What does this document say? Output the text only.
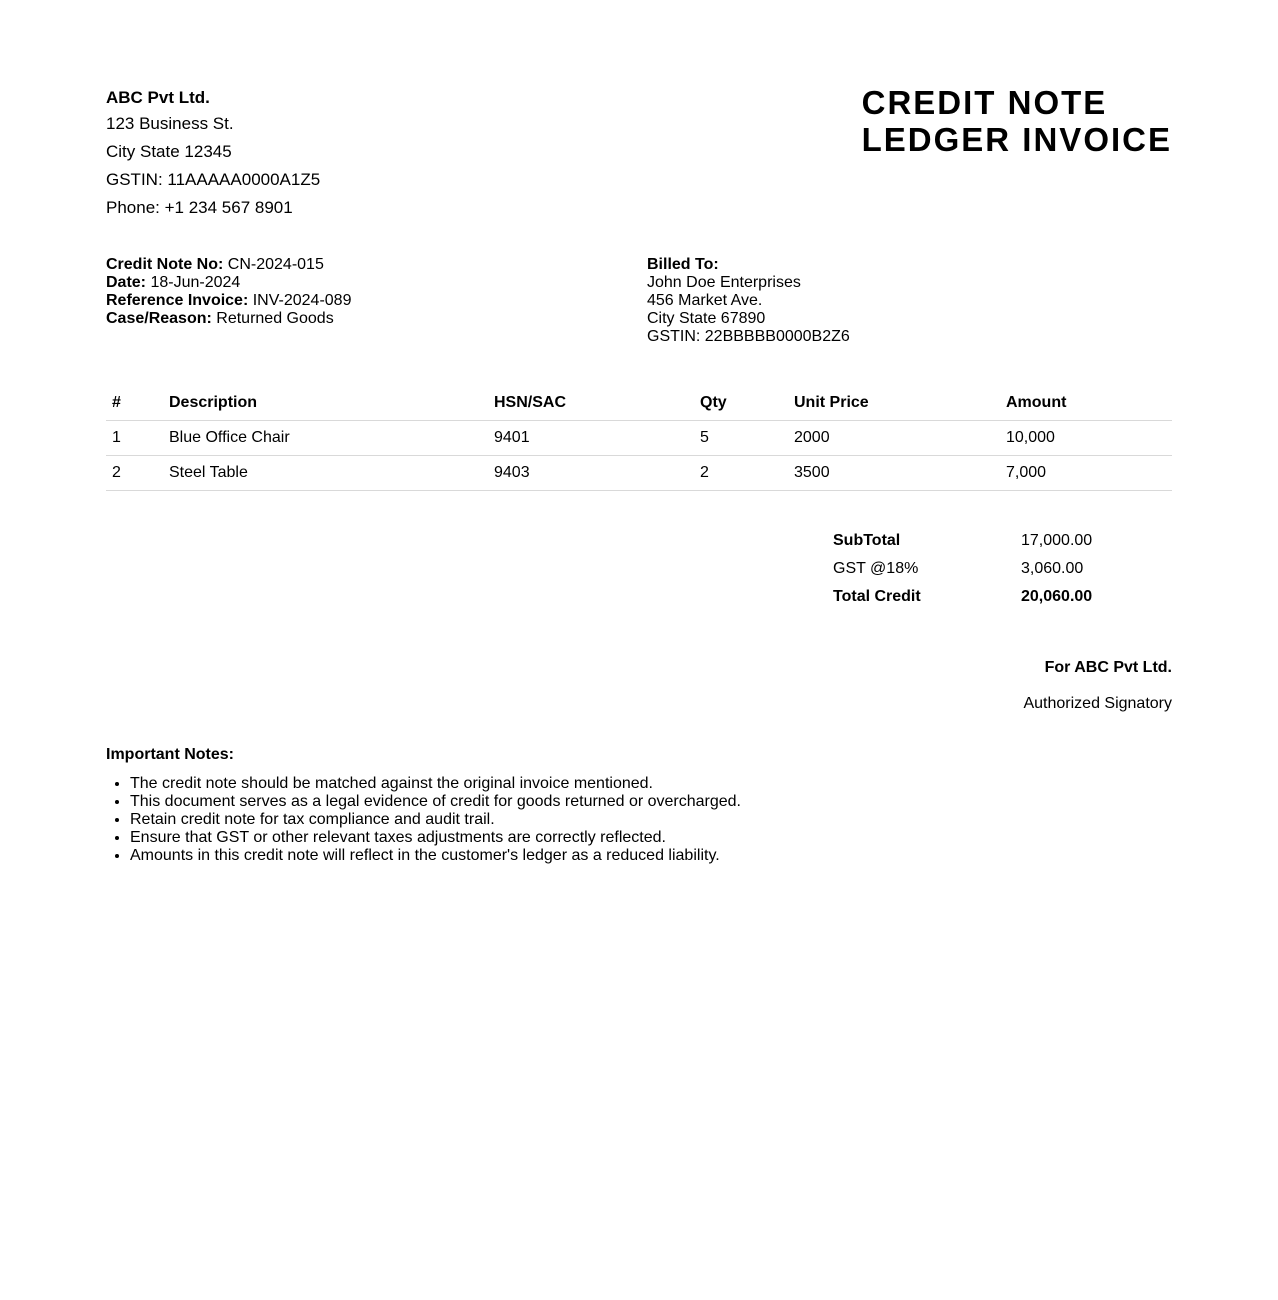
ABC Pvt Ltd.
123 Business St.
City State 12345
GSTIN: 11AAAAA0000A1Z5
Phone: +1 234 567 8901
CREDIT NOTE
LEDGER INVOICE
Credit Note No: CN-2024-015
Date: 18-Jun-2024
Reference Invoice: INV-2024-089
Case/Reason: Returned Goods
Billed To:
John Doe Enterprises
456 Market Ave.
City State 67890
GSTIN: 22BBBBB0000B2Z6
#	Description	HSN/SAC	Qty	Unit Price	Amount
1	Blue Office Chair	9401	5	2000	10,000
2	Steel Table	9403	2	3500	7,000
SubTotal	17,000.00
GST @18%	3,060.00
Total Credit	20,060.00
For ABC Pvt Ltd.
Authorized Signatory
Important Notes:
• The credit note should be matched against the original invoice mentioned.
• This document serves as a legal evidence of credit for goods returned or overcharged.
• Retain credit note for tax compliance and audit trail.
• Ensure that GST or other relevant taxes adjustments are correctly reflected.
• Amounts in this credit note will reflect in the customer's ledger as a reduced liability.
